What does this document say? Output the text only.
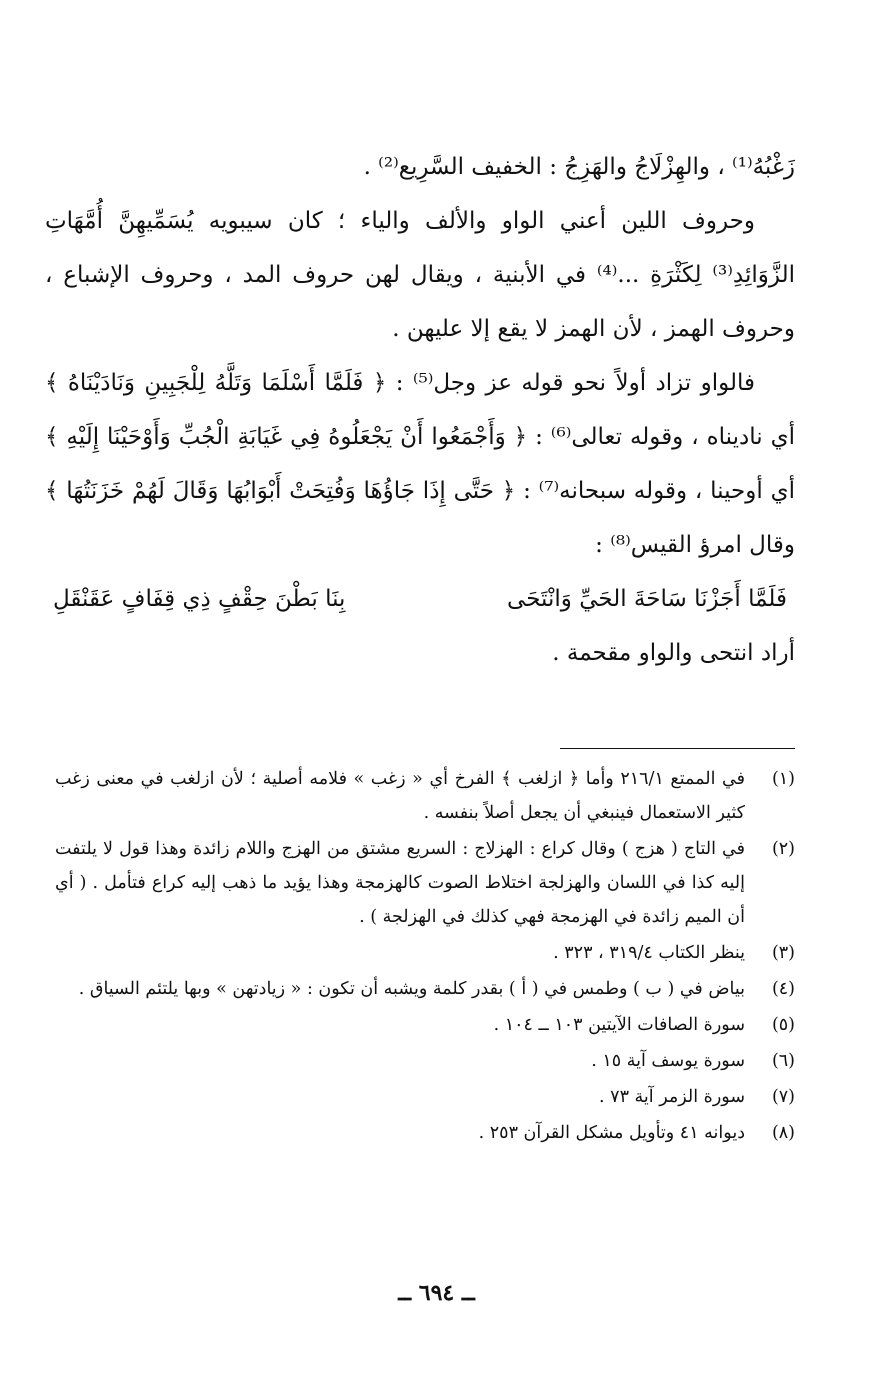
زَغْبُهُ⁽¹⁾ ، والهِزْلَاجُ والهَزِجُ : الخفيف السَّرِيع⁽²⁾ .

وحروف اللين أعني الواو والألف والياء ؛ كان سيبويه يُسَمِّيهِنَّ أُمَّهَاتِ الزَّوَائِدِ⁽³⁾ لِكَثْرَةِ ...⁽⁴⁾ في الأبنية ، ويقال لهن حروف المد ، وحروف الإشباع ، وحروف الهمز ، لأن الهمز لا يقع إلا عليهن .

فالواو تزاد أولاً نحو قوله عز وجل⁽⁵⁾ : ﴿ فَلَمَّا أَسْلَمَا وَتَلَّهُ لِلْجَبِينِ وَنَادَيْنَاهُ ﴾ أي ناديناه ، وقوله تعالى⁽⁶⁾ : ﴿ وَأَجْمَعُوا أَنْ يَجْعَلُوهُ فِي غَيَابَةِ الْجُبِّ وَأَوْحَيْنَا إِلَيْهِ ﴾ أي أوحينا ، وقوله سبحانه⁽⁷⁾ : ﴿ حَتَّى إِذَا جَاؤُهَا وَفُتِحَتْ أَبْوَابُهَا وَقَالَ لَهُمْ خَزَنَتُهَا ﴾ وقال امرؤ القيس⁽⁸⁾ :

فَلَمَّا أَجَزْنَا سَاحَةَ الحَيِّ وَانْتَحَى
بِنَا بَطْنَ حِقْفٍ ذِي قِفَافٍ عَقَنْقَلِ

أراد انتحى والواو مقحمة .

(١)
في الممتع ٢١٦/١ وأما ﴿ ازلغب ﴾ الفرخ أي « زغب » فلامه أصلية ؛ لأن ازلغب في معنى زغب كثير الاستعمال فينبغي أن يجعل أصلاً بنفسه .
(٢)
في التاج ( هزج ) وقال كراع : الهزلاج : السريع مشتق من الهزج واللام زائدة وهذا قول لا يلتفت إليه كذا في اللسان والهزلجة اختلاط الصوت كالهزمجة وهذا يؤيد ما ذهب إليه كراع فتأمل . ( أي أن الميم زائدة في الهزمجة فهي كذلك في الهزلجة ) .
(٣)
ينظر الكتاب ٣١٩/٤ ، ٣٢٣ .
(٤)
بياض في ( ب ) وطمس في ( أ ) بقدر كلمة ويشبه أن تكون : « زيادتهن » وبها يلتئم السياق .
(٥)
سورة الصافات الآيتين ١٠٣ ــ ١٠٤ .
(٦)
سورة يوسف آية ١٥ .
(٧)
سورة الزمر آية ٧٣ .
(٨)
ديوانه ٤١ وتأويل مشكل القرآن ٢٥٣ .
ــ ٦٩٤ ــ
